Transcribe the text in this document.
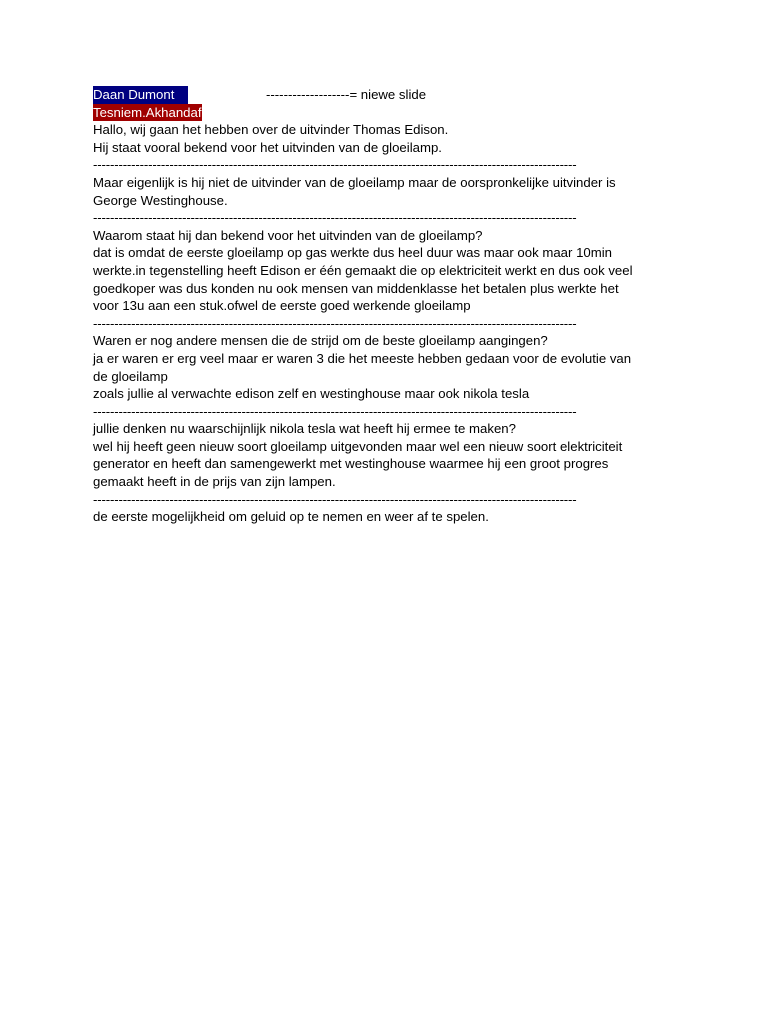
Daan Dumont	-------------------= niewe slide
Tesniem.Akhandaf
Hallo, wij gaan het hebben over de uitvinder Thomas Edison.
Hij staat vooral bekend voor het uitvinden van de gloeilamp.
------------------------------------------------------------------------------------------------------------------
Maar eigenlijk is hij niet de uitvinder van de gloeilamp maar de oorspronkelijke uitvinder is
George Westinghouse.
------------------------------------------------------------------------------------------------------------------
Waarom staat hij dan bekend voor het uitvinden van de gloeilamp?
dat is omdat de eerste gloeilamp op gas werkte dus heel duur was maar ook maar 10min
werkte.in tegenstelling heeft Edison er één gemaakt die op elektriciteit werkt en dus ook veel
goedkoper was dus konden nu ook mensen van middenklasse het betalen plus werkte het
voor 13u aan een stuk.ofwel de eerste goed werkende gloeilamp
------------------------------------------------------------------------------------------------------------------
Waren er nog andere mensen die de strijd om de beste gloeilamp aangingen?
ja er waren er erg veel maar er waren 3 die het meeste hebben gedaan voor de evolutie van
de gloeilamp
zoals jullie al verwachte edison zelf en westinghouse maar ook nikola tesla
------------------------------------------------------------------------------------------------------------------
jullie denken nu waarschijnlijk nikola tesla wat heeft hij ermee te maken?
wel hij heeft geen nieuw soort gloeilamp uitgevonden maar wel een nieuw soort elektriciteit
generator en heeft dan samengewerkt met westinghouse waarmee hij een groot progres
gemaakt heeft in de prijs van zijn lampen.
------------------------------------------------------------------------------------------------------------------
de eerste mogelijkheid om geluid op te nemen en weer af te spelen.
